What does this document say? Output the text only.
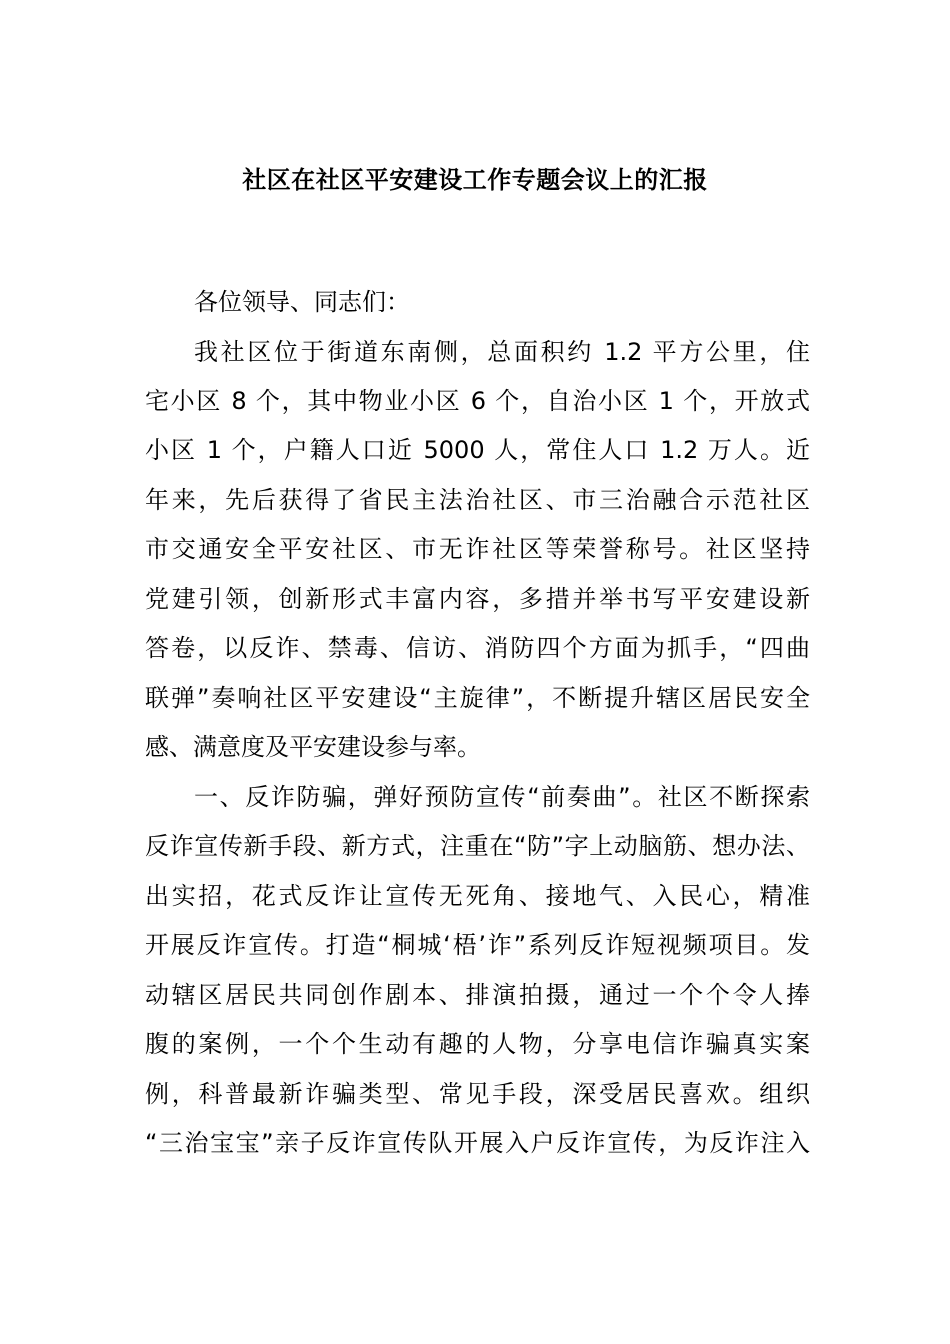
社区在社区平安建设工作专题会议上的汇报
各位领导、同志们：
我社区位于街道东南侧，总面积约 1.2 平方公里，住
宅小区 8 个，其中物业小区 6 个，自治小区 1 个，开放式
小区 1 个，户籍人口近 5000 人，常住人口 1.2 万人。近
年来，先后获得了省民主法治社区、市三治融合示范社区
市交通安全平安社区、市无诈社区等荣誉称号。社区坚持
党建引领，创新形式丰富内容，多措并举书写平安建设新
答卷，以反诈、禁毒、信访、消防四个方面为抓手，“四曲
联弹”奏响社区平安建设“主旋律”，不断提升辖区居民安全
感、满意度及平安建设参与率。
一、反诈防骗，弹好预防宣传“前奏曲”。社区不断探索
反诈宣传新手段、新方式，注重在“防”字上动脑筋、想办法、
出实招，花式反诈让宣传无死角、接地气、入民心，精准
开展反诈宣传。打造“桐城‘梧’诈”系列反诈短视频项目。发
动辖区居民共同创作剧本、排演拍摄，通过一个个令人捧
腹的案例，一个个生动有趣的人物，分享电信诈骗真实案
例，科普最新诈骗类型、常见手段，深受居民喜欢。组织
“三治宝宝”亲子反诈宣传队开展入户反诈宣传，为反诈注入
